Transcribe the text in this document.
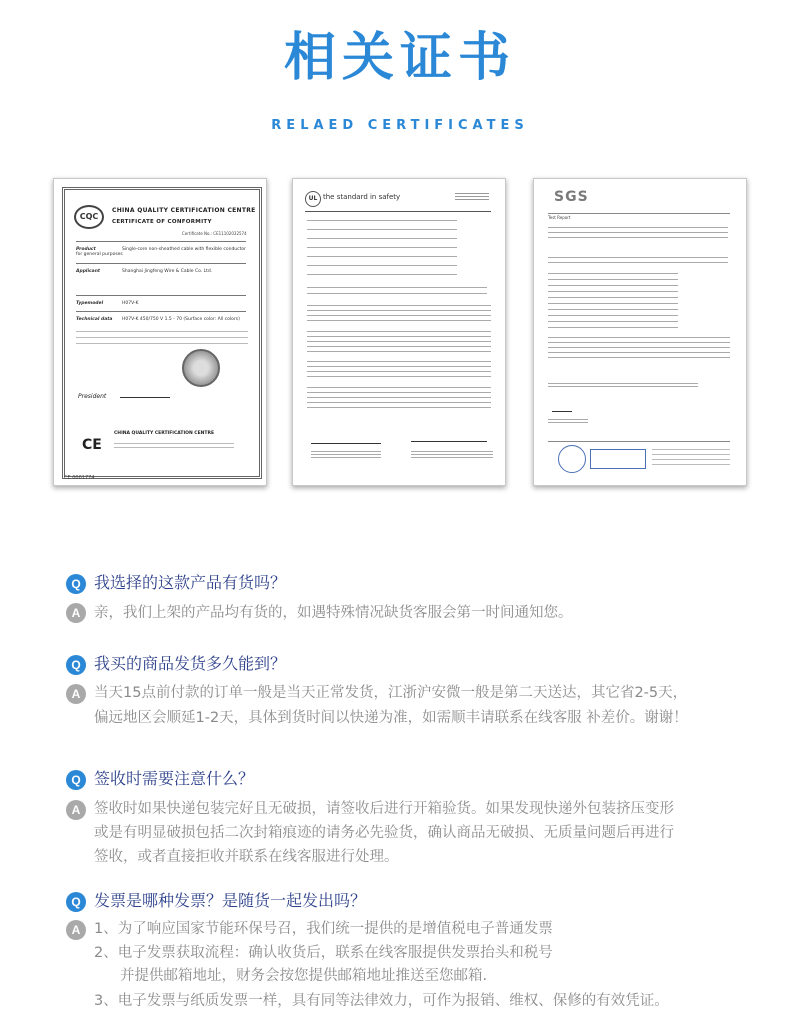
相关证书
RELAED CERTIFICATES
CQC
CHINA QUALITY CERTIFICATION CENTRE
CERTIFICATE OF CONFORMITY
Certificate No.: CE11102032574
Product	Single-core non-sheathed cable with flexible conductor for general purposes
Applicant	Shanghai Jingfeng Wire & Cable Co. Ltd.
Typemodel	H07V-K
Technical data H07V-K 450/750 V 1.5 - 70 (Surface color: All colors)
President
CE
CHINA QUALITY CERTIFICATION CENTRE
CE 0001774
UL the standard in safety	SGS
Test Report
Q 我选择的这款产品有货吗？
A 亲，我们上架的产品均有货的，如遇特殊情况缺货客服会第一时间通知您。
Q 我买的商品发货多久能到？
A 当天15点前付款的订单一般是当天正常发货，江浙沪安微一般是第二天送达，其它省2-5天，
偏远地区会顺延1-2天，具体到货时间以快递为准，如需顺丰请联系在线客服 补差价。谢谢！
Q 签收时需要注意什么？
A 签收时如果快递包装完好且无破损，请签收后进行开箱验货。如果发现快递外包装挤压变形
或是有明显破损包括二次封箱痕迹的请务必先验货，确认商品无破损、无质量问题后再进行
签收，或者直接拒收并联系在线客服进行处理。
Q 发票是哪种发票？是随货一起发出吗？
A 1、为了响应国家节能环保号召，我们统一提供的是增值税电子普通发票
2、电子发票获取流程：确认收货后，联系在线客服提供发票抬头和税号
并提供邮箱地址，财务会按您提供邮箱地址推送至您邮箱.
3、电子发票与纸质发票一样，具有同等法律效力，可作为报销、维权、保修的有效凭证。
